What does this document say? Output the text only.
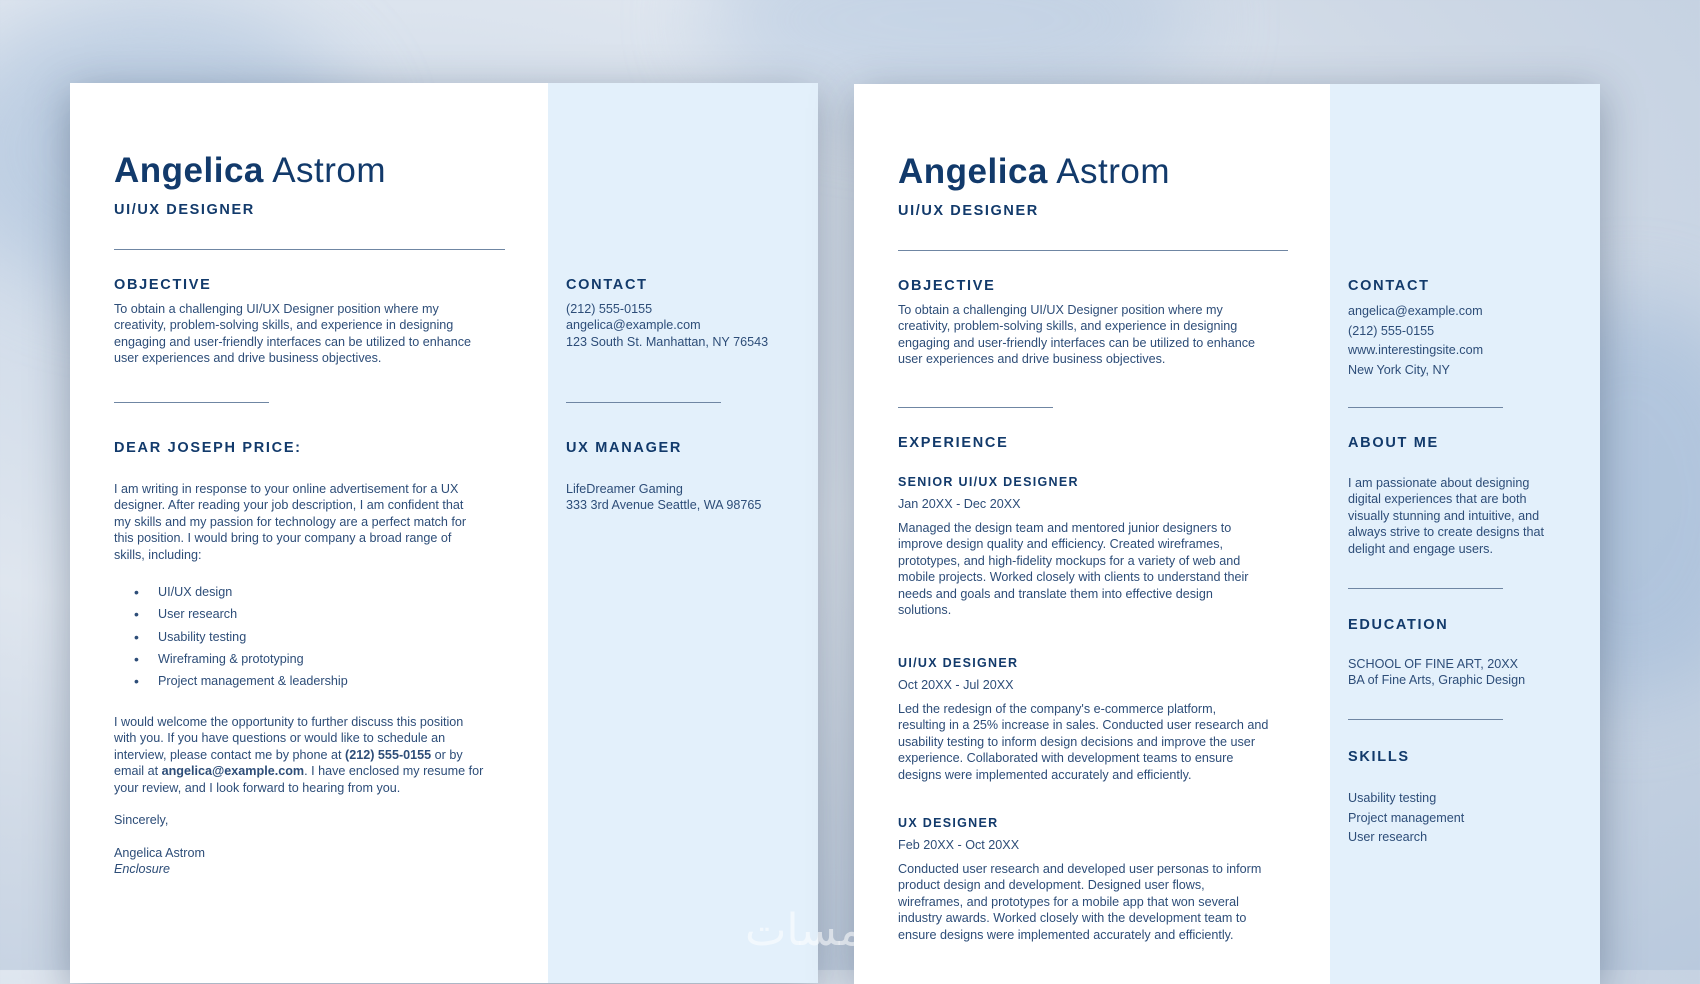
Angelica Astrom
UI/UX DESIGNER
OBJECTIVE
To obtain a challenging UI/UX Designer position where my
creativity, problem-solving skills, and experience in designing
engaging and user-friendly interfaces can be utilized to enhance
user experiences and drive business objectives.
DEAR JOSEPH PRICE:
I am writing in response to your online advertisement for a UX
designer. After reading your job description, I am confident that
my skills and my passion for technology are a perfect match for
this position. I would bring to your company a broad range of
skills, including:
• UI/UX design
• User research
• Usability testing
• Wireframing & prototyping
• Project management & leadership
I would welcome the opportunity to further discuss this position
with you. If you have questions or would like to schedule an
interview, please contact me by phone at (212) 555-0155 or by
email at angelica@example.com. I have enclosed my resume for
your review, and I look forward to hearing from you.
Sincerely,
Angelica Astrom
Enclosure
CONTACT
(212) 555-0155
angelica@example.com
123 South St. Manhattan, NY 76543
UX MANAGER
LifeDreamer Gaming
333 3rd Avenue Seattle, WA 98765
Angelica Astrom
UI/UX DESIGNER
OBJECTIVE
To obtain a challenging UI/UX Designer position where my
creativity, problem-solving skills, and experience in designing
engaging and user-friendly interfaces can be utilized to enhance
user experiences and drive business objectives.
EXPERIENCE
SENIOR UI/UX DESIGNER
Jan 20XX - Dec 20XX
Managed the design team and mentored junior designers to
improve design quality and efficiency. Created wireframes,
prototypes, and high-fidelity mockups for a variety of web and
mobile projects. Worked closely with clients to understand their
needs and goals and translate them into effective design
solutions.
UI/UX DESIGNER
Oct 20XX - Jul 20XX
Led the redesign of the company's e-commerce platform,
resulting in a 25% increase in sales. Conducted user research and
usability testing to inform design decisions and improve the user
experience. Collaborated with development teams to ensure
designs were implemented accurately and efficiently.
UX DESIGNER
Feb 20XX - Oct 20XX
Conducted user research and developed user personas to inform
product design and development. Designed user flows,
wireframes, and prototypes for a mobile app that won several
industry awards. Worked closely with the development team to
ensure designs were implemented accurately and efficiently.
CONTACT
angelica@example.com
(212) 555-0155
www.interestingsite.com
New York City, NY
ABOUT ME
I am passionate about designing
digital experiences that are both
visually stunning and intuitive, and
always strive to create designs that
delight and engage users.
EDUCATION
SCHOOL OF FINE ART, 20XX
BA of Fine Arts, Graphic Design
SKILLS
Usability testing
Project management
User research
خمسات
